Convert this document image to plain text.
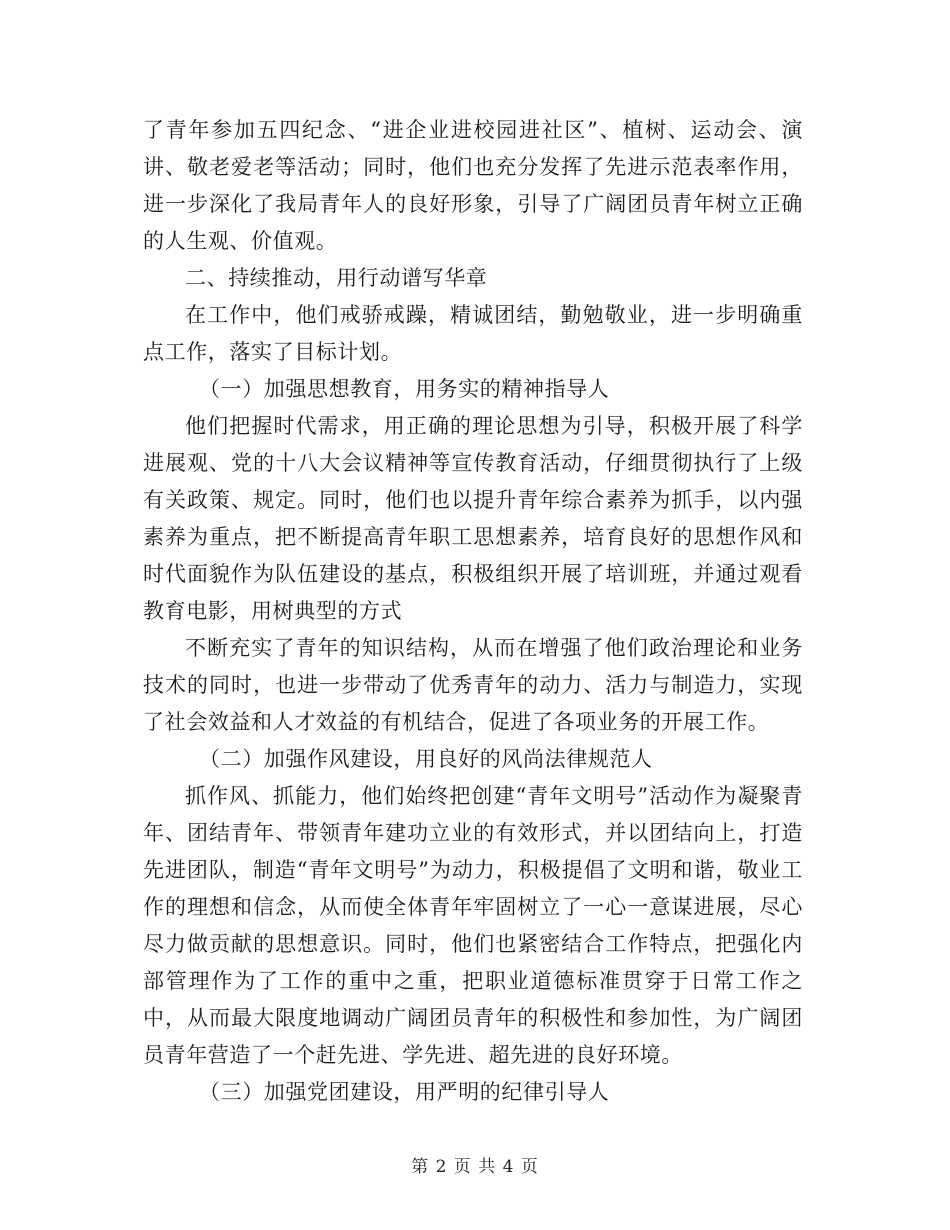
了青年参加五四纪念、“进企业进校园进社区”、植树、运动会、演讲、敬老爱老等活动；同时，他们也充分发挥了先进示范表率作用，进一步深化了我局青年人的良好形象，引导了广阔团员青年树立正确的人生观、价值观。

二、持续推动，用行动谱写华章

在工作中，他们戒骄戒躁，精诚团结，勤勉敬业，进一步明确重点工作，落实了目标计划。

（一）加强思想教育，用务实的精神指导人

他们把握时代需求，用正确的理论思想为引导，积极开展了科学进展观、党的十八大会议精神等宣传教育活动，仔细贯彻执行了上级有关政策、规定。同时，他们也以提升青年综合素养为抓手，以内强素养为重点，把不断提高青年职工思想素养，培育良好的思想作风和时代面貌作为队伍建设的基点，积极组织开展了培训班，并通过观看教育电影，用树典型的方式

不断充实了青年的知识结构，从而在增强了他们政治理论和业务技术的同时，也进一步带动了优秀青年的动力、活力与制造力，实现了社会效益和人才效益的有机结合，促进了各项业务的开展工作。

（二）加强作风建设，用良好的风尚法律规范人

抓作风、抓能力，他们始终把创建“青年文明号”活动作为凝聚青年、团结青年、带领青年建功立业的有效形式，并以团结向上，打造先进团队，制造“青年文明号”为动力，积极提倡了文明和谐，敬业工作的理想和信念，从而使全体青年牢固树立了一心一意谋进展，尽心尽力做贡献的思想意识。同时，他们也紧密结合工作特点，把强化内部管理作为了工作的重中之重，把职业道德标准贯穿于日常工作之中，从而最大限度地调动广阔团员青年的积极性和参加性，为广阔团员青年营造了一个赶先进、学先进、超先进的良好环境。

（三）加强党团建设，用严明的纪律引导人

第 2 页 共 4 页
